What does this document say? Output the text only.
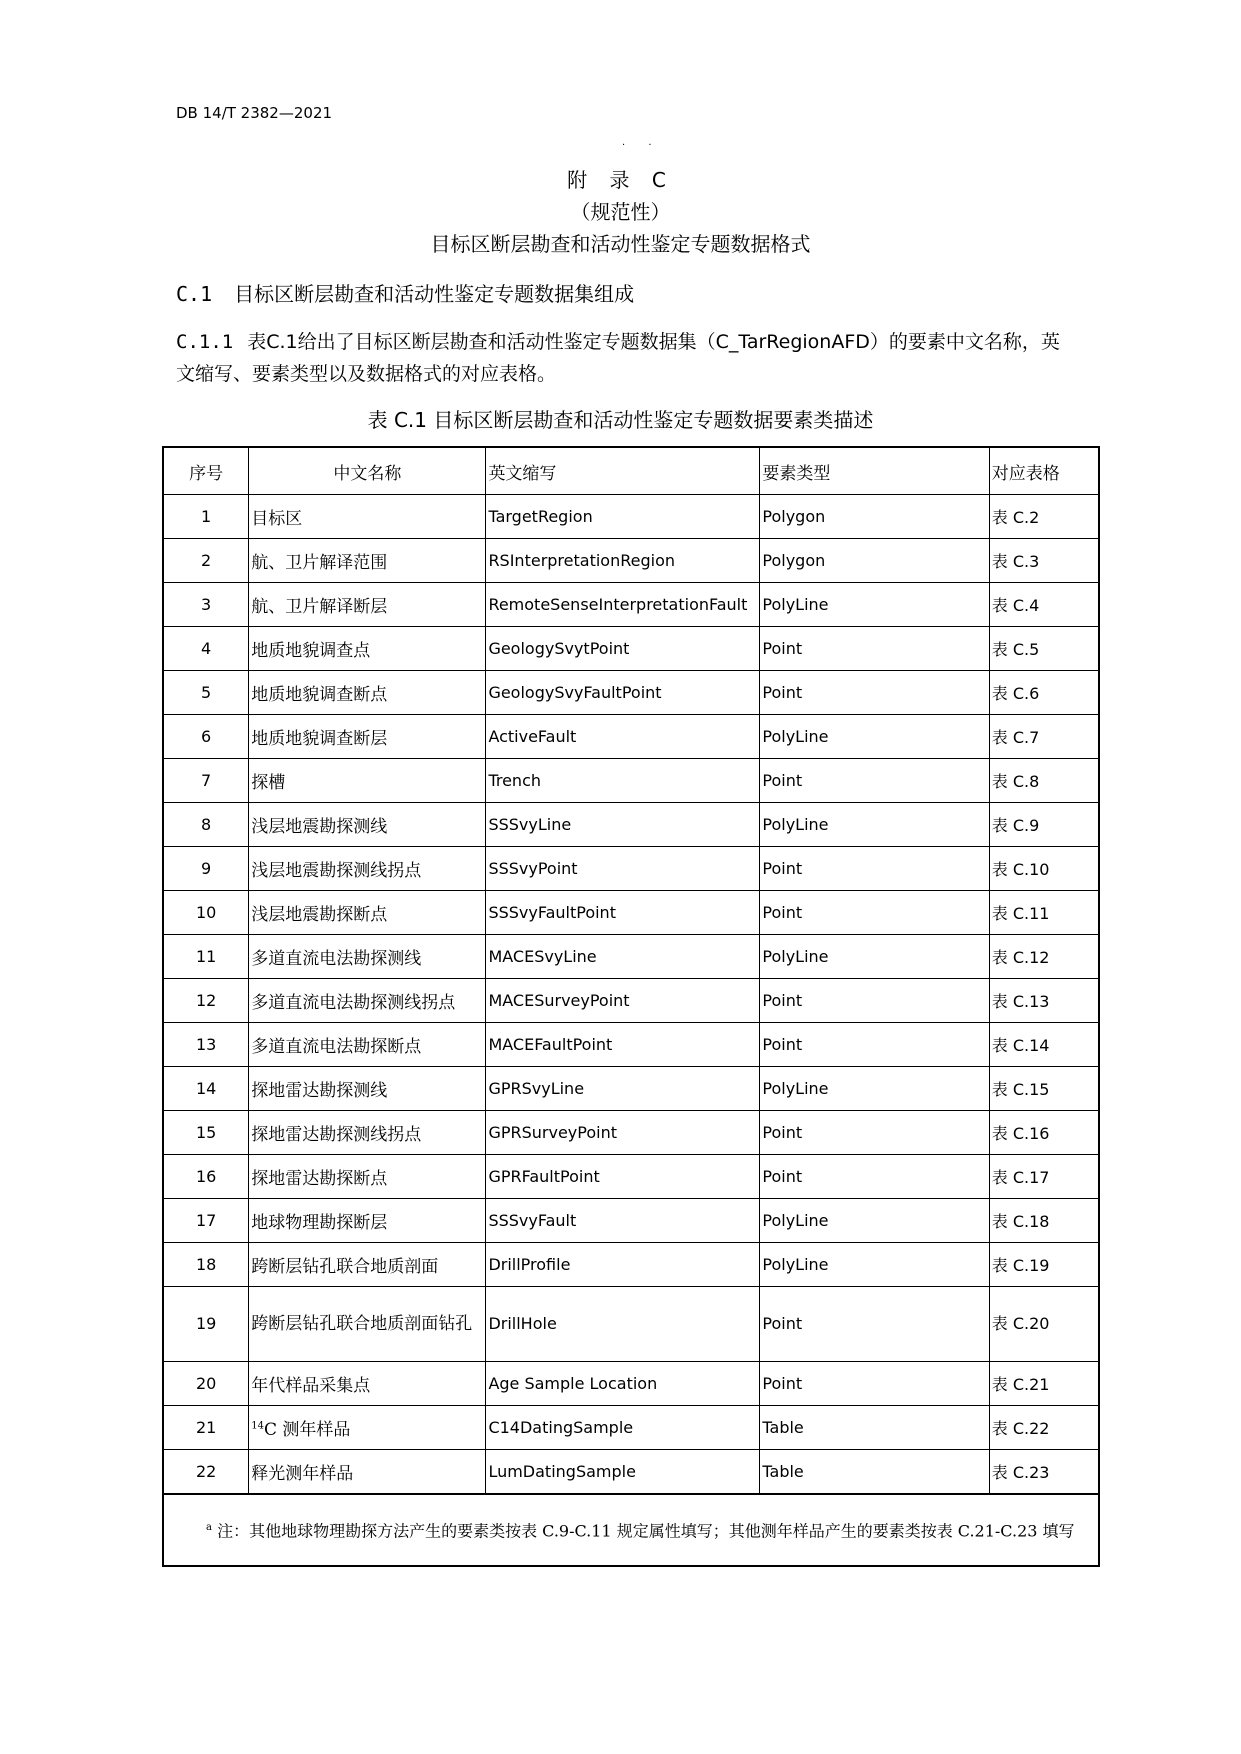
DB 14/T 2382—2021
· ·
附 录 C
（规范性）
目标区断层勘查和活动性鉴定专题数据格式
C.1 目标区断层勘查和活动性鉴定专题数据集组成
C.1.1 表C.1给出了目标区断层勘查和活动性鉴定专题数据集（C_TarRegionAFD）的要素中文名称，英文缩写、要素类型以及数据格式的对应表格。
表 C.1 目标区断层勘查和活动性鉴定专题数据要素类描述
序号	中文名称	英文缩写	要素类型	对应表格
1	目标区	TargetRegion	Polygon	表 C.2
2	航、卫片解译范围	RSInterpretationRegion	Polygon	表 C.3
3	航、卫片解译断层	RemoteSenseInterpretationFault	PolyLine	表 C.4
4	地质地貌调查点	GeologySvytPoint	Point	表 C.5
5	地质地貌调查断点	GeologySvyFaultPoint	Point	表 C.6
6	地质地貌调查断层	ActiveFault	PolyLine	表 C.7
7	探槽	Trench	Point	表 C.8
8	浅层地震勘探测线	SSSvyLine	PolyLine	表 C.9
9	浅层地震勘探测线拐点	SSSvyPoint	Point	表 C.10
10	浅层地震勘探断点	SSSvyFaultPoint	Point	表 C.11
11	多道直流电法勘探测线	MACESvyLine	PolyLine	表 C.12
12	多道直流电法勘探测线拐点	MACESurveyPoint	Point	表 C.13
13	多道直流电法勘探断点	MACEFaultPoint	Point	表 C.14
14	探地雷达勘探测线	GPRSvyLine	PolyLine	表 C.15
15	探地雷达勘探测线拐点	GPRSurveyPoint	Point	表 C.16
16	探地雷达勘探断点	GPRFaultPoint	Point	表 C.17
17	地球物理勘探断层	SSSvyFault	PolyLine	表 C.18
18	跨断层钻孔联合地质剖面	DrillProfile	PolyLine	表 C.19
19	跨断层钻孔联合地质剖面钻孔	DrillHole	Point	表 C.20
20	年代样品采集点	Age Sample Location	Point	表 C.21
21	$^{14}$C 测年样品	C14DatingSample	Table	表 C.22
22	释光测年样品	LumDatingSample	Table	表 C.23
$^a$ 注：其他地球物理勘探方法产生的要素类按表 C.9-C.11 规定属性填写；其他测年样品产生的要素类按表 C.21-C.23 填写				
